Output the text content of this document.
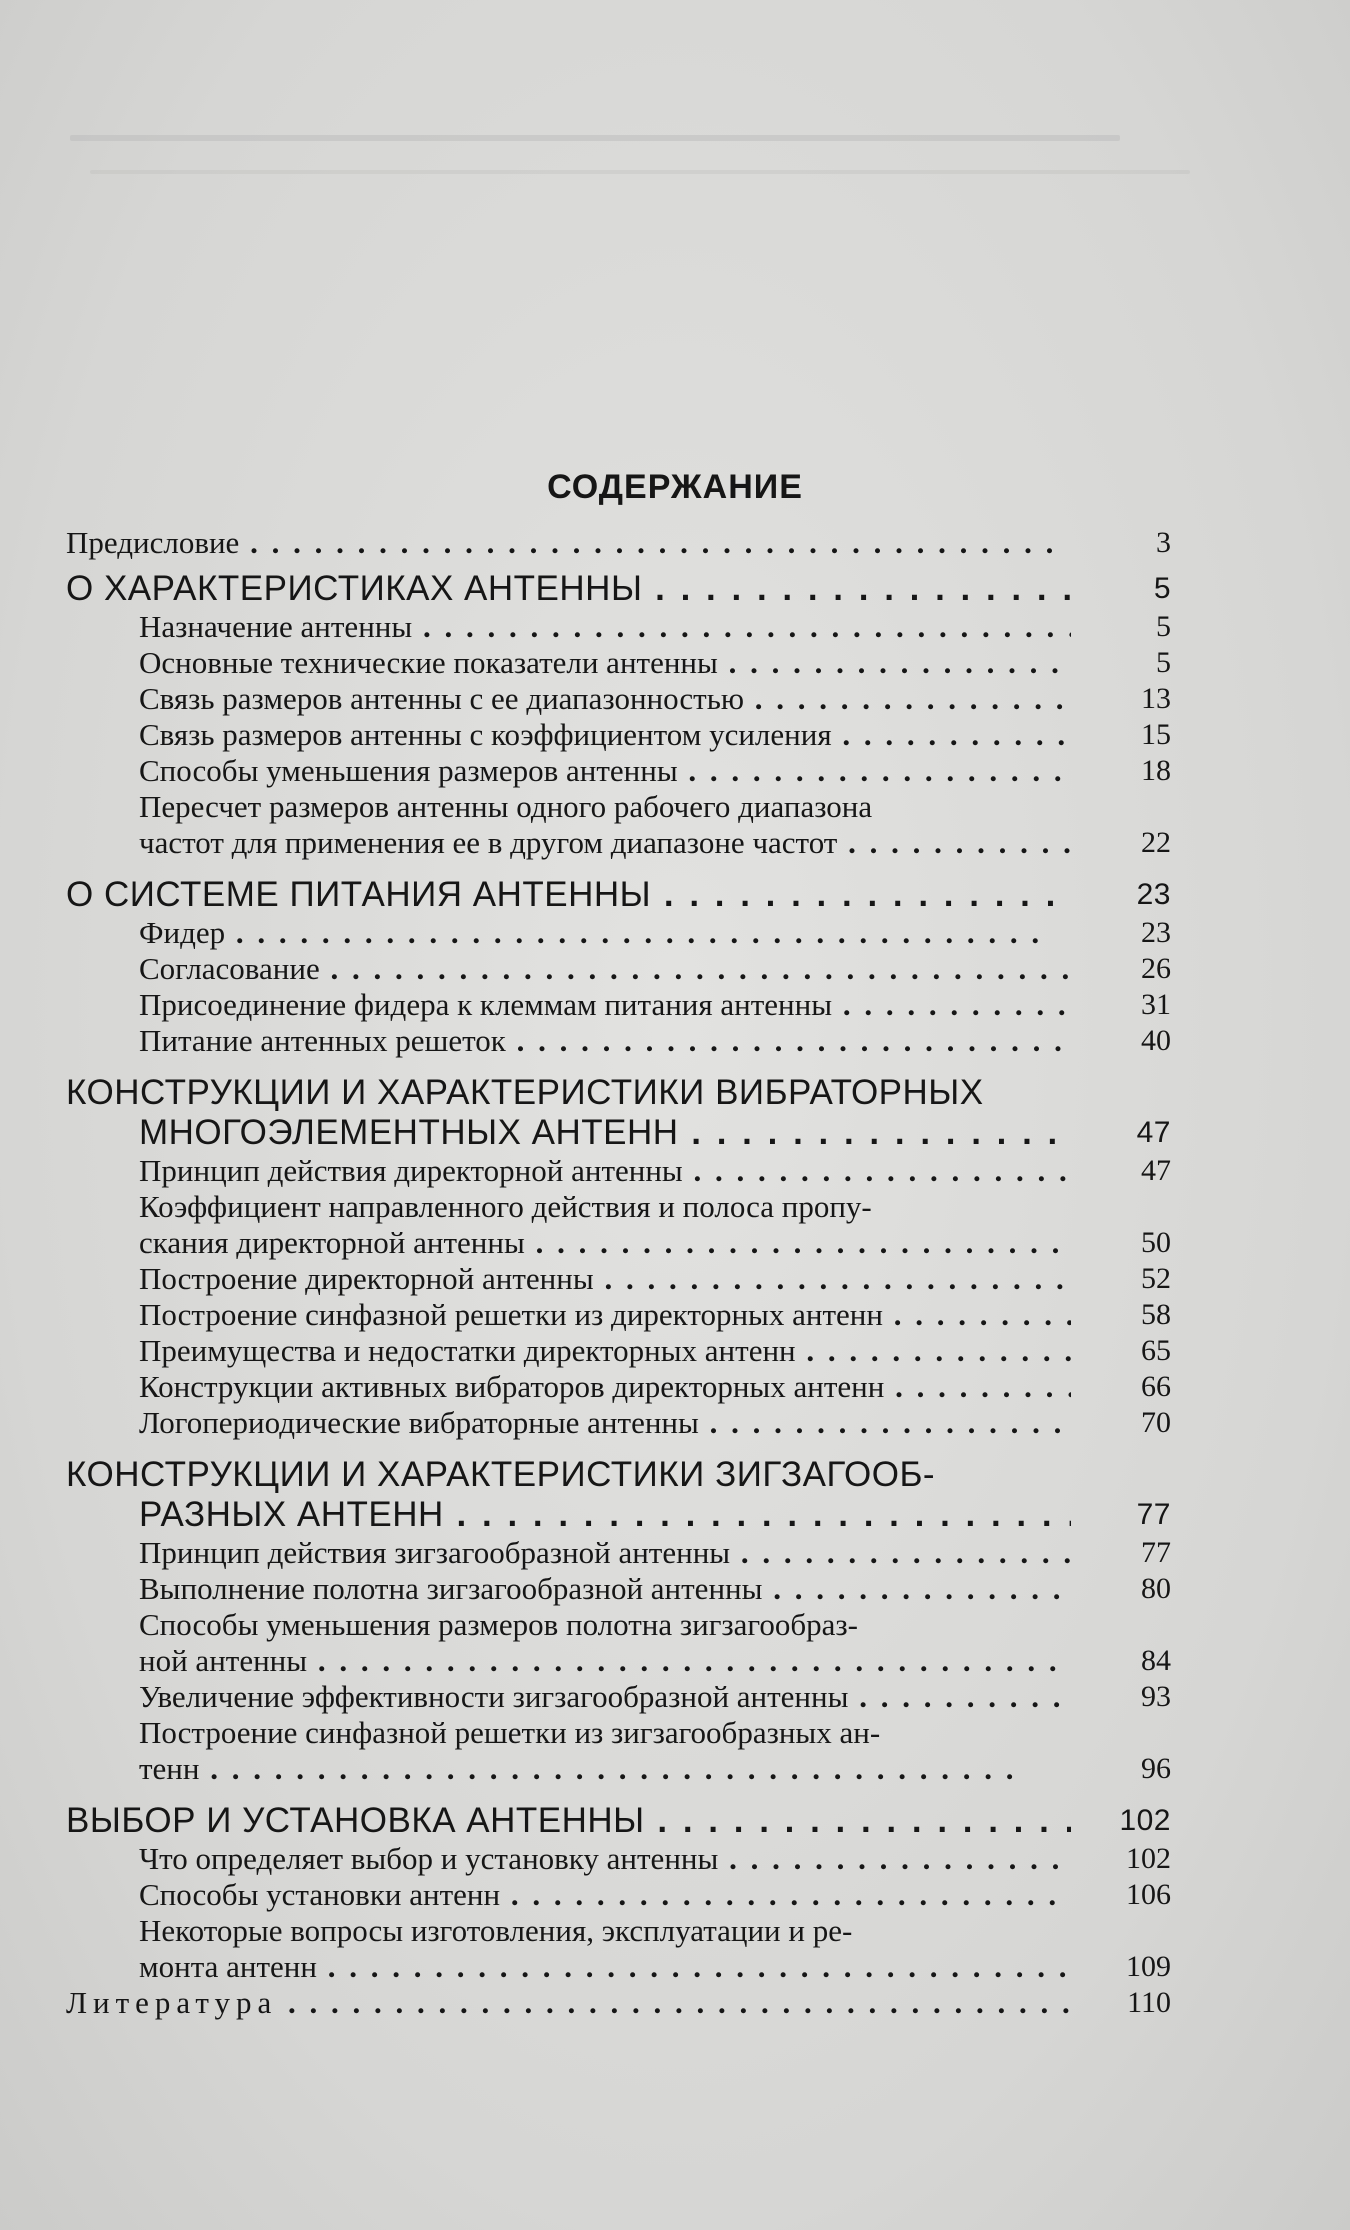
СОДЕРЖАНИЕ
Предисловие . .	3
О ХАРАКТЕРИСТИКАХ АНТЕННЫ . .	5
Назначение антенны . .	5
Основные технические показатели антенны . .	5
Связь размеров антенны с ее диапазонностью . .	13
Связь размеров антенны с коэффициентом усиления . .	15
Способы уменьшения размеров антенны . .	18
Пересчет размеров антенны одного рабочего диапазона
частот для применения ее в другом диапазоне частот . .	22
О СИСТЕМЕ ПИТАНИЯ АНТЕННЫ . .	23
Фидер . .	23
Согласование . .	26
Присоединение фидера к клеммам питания антенны . .	31
Питание антенных решеток . .	40
КОНСТРУКЦИИ И ХАРАКТЕРИСТИКИ ВИБРАТОРНЫХ
МНОГОЭЛЕМЕНТНЫХ АНТЕНН . .	47
Принцип действия директорной антенны . .	47
Коэффициент направленного действия и полоса пропу-
скания директорной антенны . .	50
Построение директорной антенны . .	52
Построение синфазной решетки из директорных антенн . .	58
Преимущества и недостатки директорных антенн . .	65
Конструкции активных вибраторов директорных антенн . .	66
Логопериодические вибраторные антенны . .	70
КОНСТРУКЦИИ И ХАРАКТЕРИСТИКИ ЗИГЗАГООБ-
РАЗНЫХ АНТЕНН . .	77
Принцип действия зигзагообразной антенны . .	77
Выполнение полотна зигзагообразной антенны . .	80
Способы уменьшения размеров полотна зигзагообраз-
ной антенны . .	84
Увеличение эффективности зигзагообразной антенны . .	93
Построение синфазной решетки из зигзагообразных ан-
тенн . .	96
ВЫБОР И УСТАНОВКА АНТЕННЫ . .	102
Что определяет выбор и установку антенны . .	102
Способы установки антенн . .	106
Некоторые вопросы изготовления, эксплуатации и ре-
монта антенн . .	109
Литература . .	110
